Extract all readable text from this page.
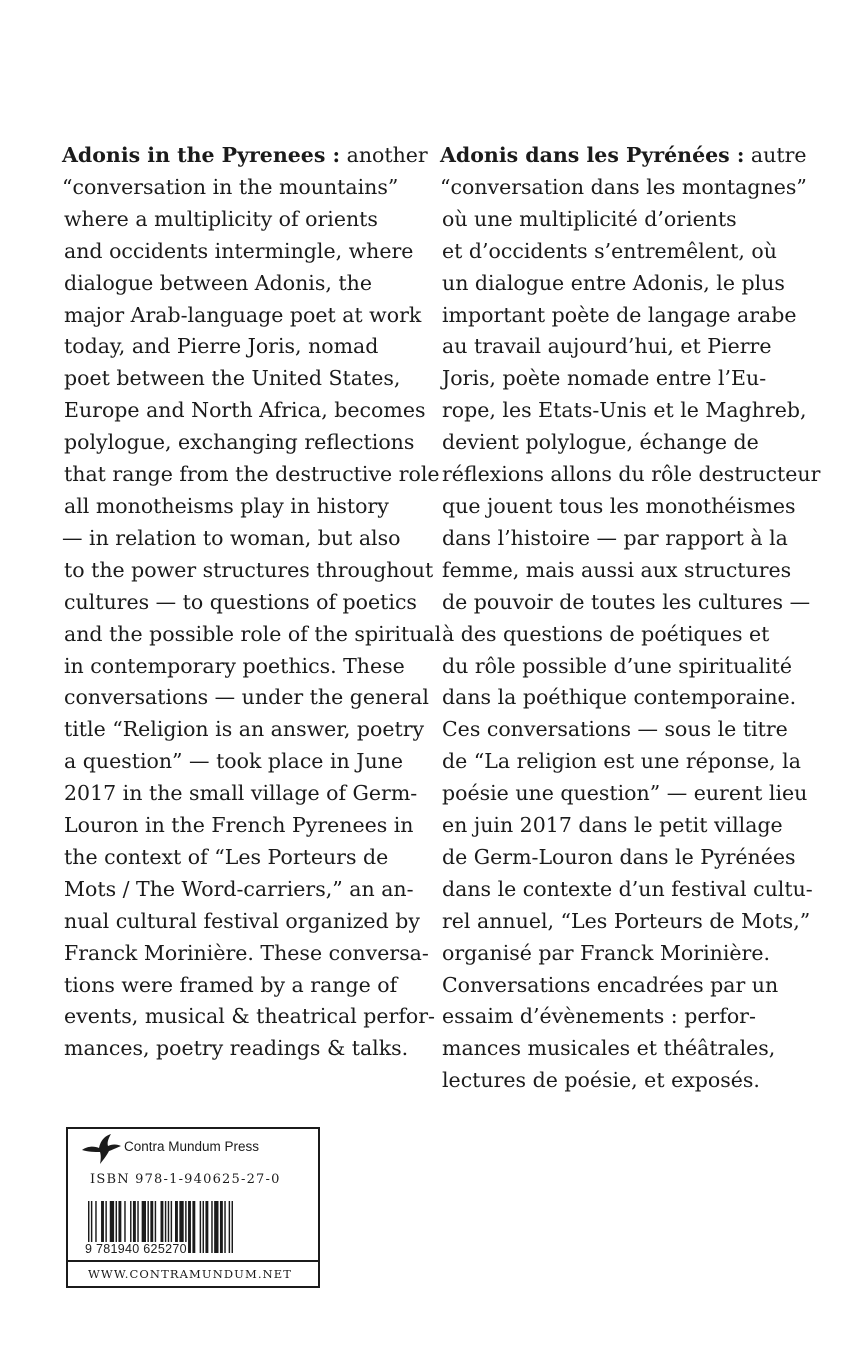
Adonis in the Pyrenees : another
“conversation in the mountains”
where a multiplicity of orients
and occidents intermingle, where
dialogue between Adonis, the
major Arab-language poet at work
today, and Pierre Joris, nomad
poet between the United States,
Europe and North Africa, becomes
polylogue, exchanging reflections
that range from the destructive role
all monotheisms play in history
— in relation to woman, but also
to the power structures throughout
cultures — to questions of poetics
and the possible role of the spiritual
in contemporary poethics. These
conversations — under the general
title “Religion is an answer, poetry
a question” — took place in June
2017 in the small village of Germ-
Louron in the French Pyrenees in
the context of “Les Porteurs de
Mots / The Word-carriers,” an an-
nual cultural festival organized by
Franck Morinière. These conversa-
tions were framed by a range of
events, musical & theatrical perfor-
mances, poetry readings & talks.
Adonis dans les Pyrénées : autre
“conversation dans les montagnes”
où une multiplicité d’orients
et d’occidents s’entremêlent, où
un dialogue entre Adonis, le plus
important poète de langage arabe
au travail aujourd’hui, et Pierre
Joris, poète nomade entre l’Eu-
rope, les Etats-Unis et le Maghreb,
devient polylogue, échange de
réflexions allons du rôle destructeur
que jouent tous les monothéismes
dans l’histoire — par rapport à la
femme, mais aussi aux structures
de pouvoir de toutes les cultures —
à des questions de poétiques et
du rôle possible d’une spiritualité
dans la poéthique contemporaine.
Ces conversations — sous le titre
de “La religion est une réponse, la
poésie une question” — eurent lieu
en juin 2017 dans le petit village
de Germ-Louron dans le Pyrénées
dans le contexte d’un festival cultu-
rel annuel, “Les Porteurs de Mots,”
organisé par Franck Morinière.
Conversations encadrées par un
essaim d’évènements : perfor-
mances musicales et théâtrales,
lectures de poésie, et exposés.
Contra Mundum Press
ISBN 978-1-940625-27-0
9 781940 625270
WWW.CONTRAMUNDUM.NET
